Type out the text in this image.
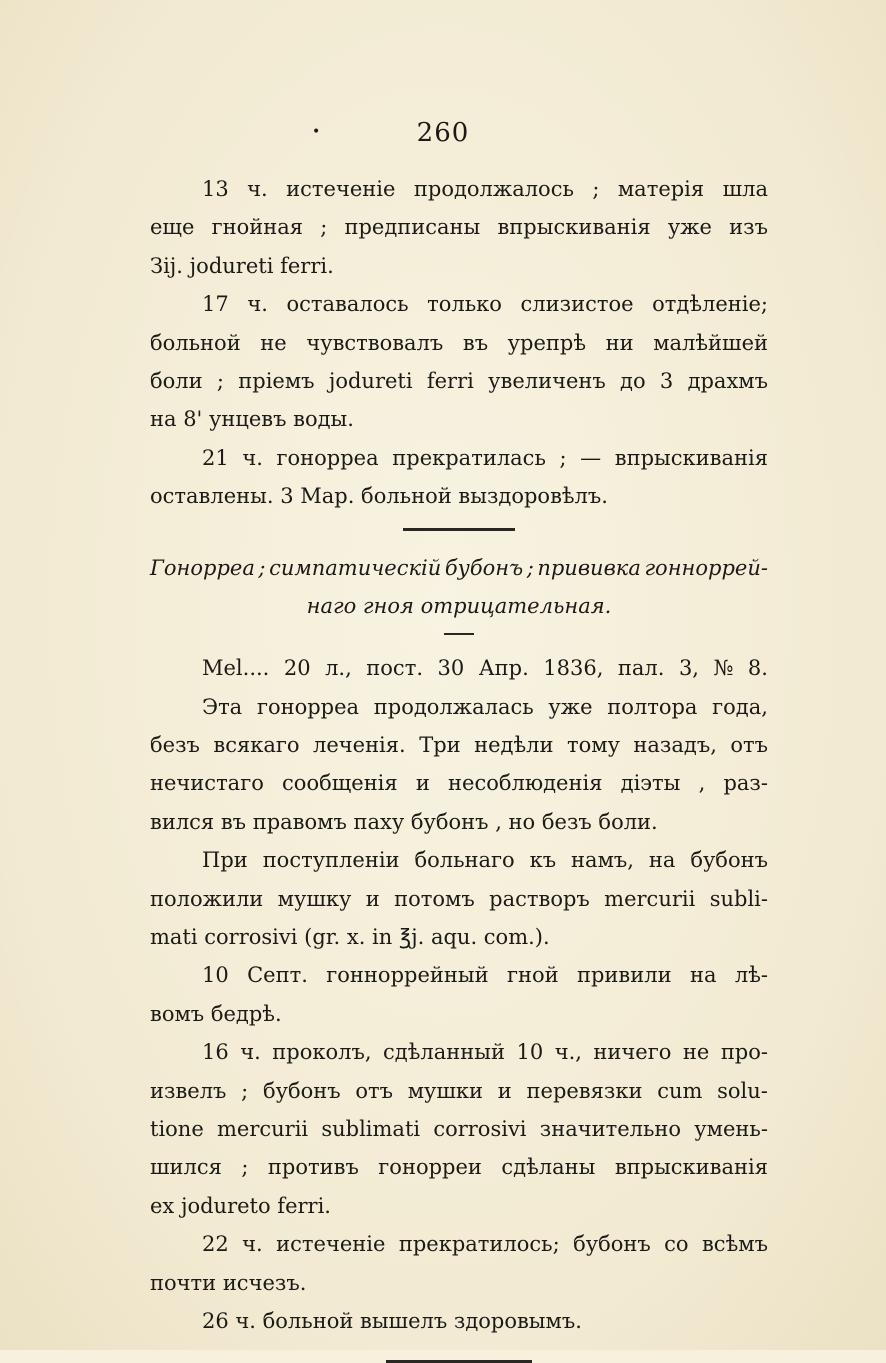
•	260
13 ч. истеченіе продолжалось ; матерія шла
еще гнойная ; предписаны впрыскиванія уже изъ
Зij. jodureti ferri.
17 ч. оставалось только слизистое отдѣленіе;
больной не чувствовалъ въ урепрѣ ни малѣйшей
боли ; пріемъ jodureti ferri увеличенъ до 3 драхмъ
на 8' унцевъ воды.
21 ч. гонорреа прекратилась ; — впрыскиванія
оставлены. 3 Мар. больной выздоровѣлъ.
Гонорреа ; симпатическій бубонъ ; прививка гонноррей-
наго гноя отрицательная.
Mel.... 20 л., пост. 30 Апр. 1836, пал. 3, № 8.
Эта гонорреа продолжалась уже полтора года,
безъ всякаго леченія. Три недѣли тому назадъ, отъ
нечистаго сообщенія и несоблюденія діэты , раз-
вился въ правомъ паху бубонъ , но безъ боли.
При поступленіи больнаго къ намъ, на бубонъ
положили мушку и потомъ растворъ mercurii subli-
mati corrosivi (gr. x. in ℥j. aqu. com.).
10 Септ. гонноррейный гной привили на лѣ-
вомъ бедрѣ.
16 ч. проколъ, сдѣланный 10 ч., ничего не про-
извелъ ; бубонъ отъ мушки и перевязки cum solu-
tione mercurii sublimati corrosivi значительно умень-
шился ; противъ гонорреи сдѣланы впрыскиванія
ex jodureto ferri.
22 ч. истеченіе прекратилось; бубонъ со всѣмъ
почти исчезъ.
26 ч. больной вышелъ здоровымъ.
